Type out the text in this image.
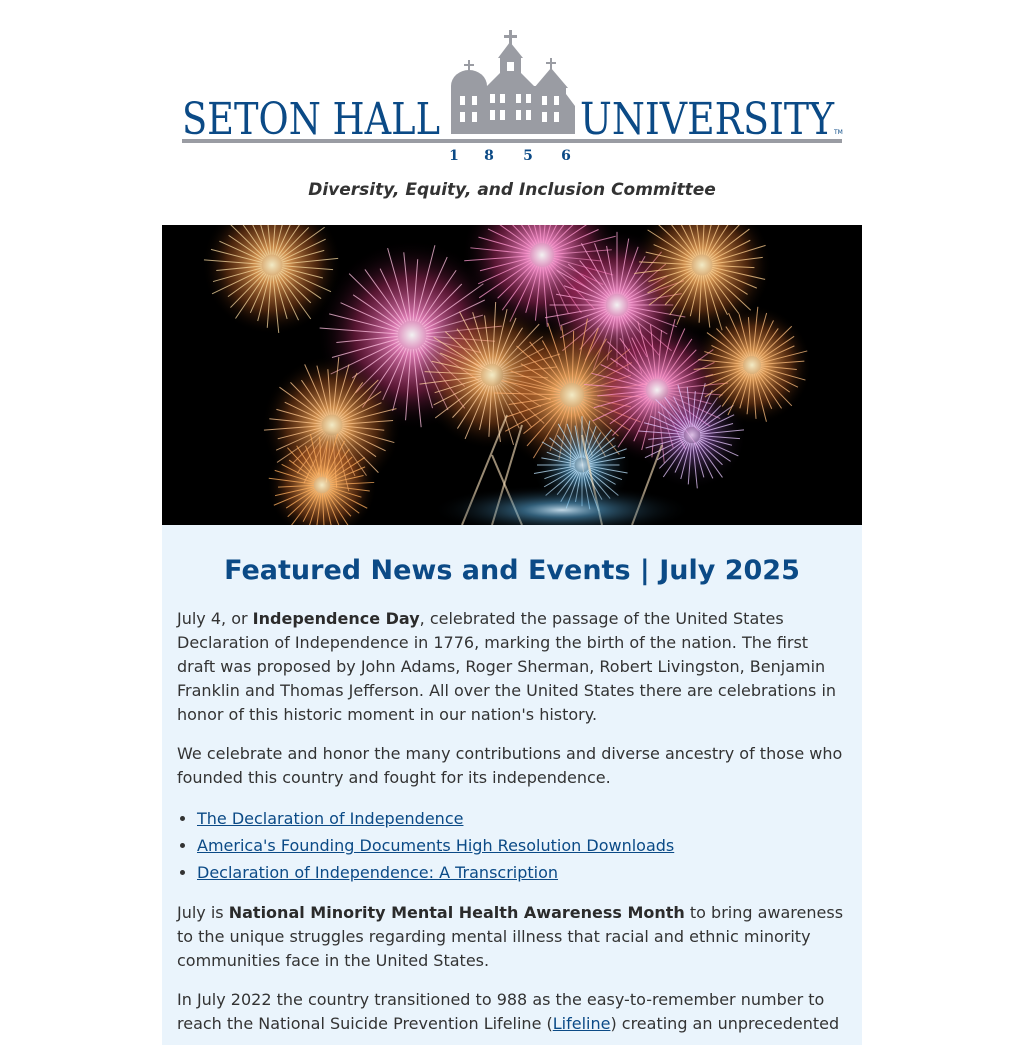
SETON HALL	UNIVERSITY TM
1 8 5 6
Diversity, Equity, and Inclusion Committee
Featured News and Events | July 2025

July 4, or Independence Day, celebrated the passage of the United States Declaration of Independence in 1776, marking the birth of the nation. The first draft was proposed by John Adams, Roger Sherman, Robert Livingston, Benjamin Franklin and Thomas Jefferson. All over the United States there are celebrations in honor of this historic moment in our nation's history.

We celebrate and honor the many contributions and diverse ancestry of those who founded this country and fought for its independence.

• The Declaration of Independence
• America's Founding Documents High Resolution Downloads
• Declaration of Independence: A Transcription

July is National Minority Mental Health Awareness Month to bring awareness to the unique struggles regarding mental illness that racial and ethnic minority communities face in the United States.

In July 2022 the country transitioned to 988 as the easy-to-remember number to reach the National Suicide Prevention Lifeline (Lifeline) creating an unprecedented
